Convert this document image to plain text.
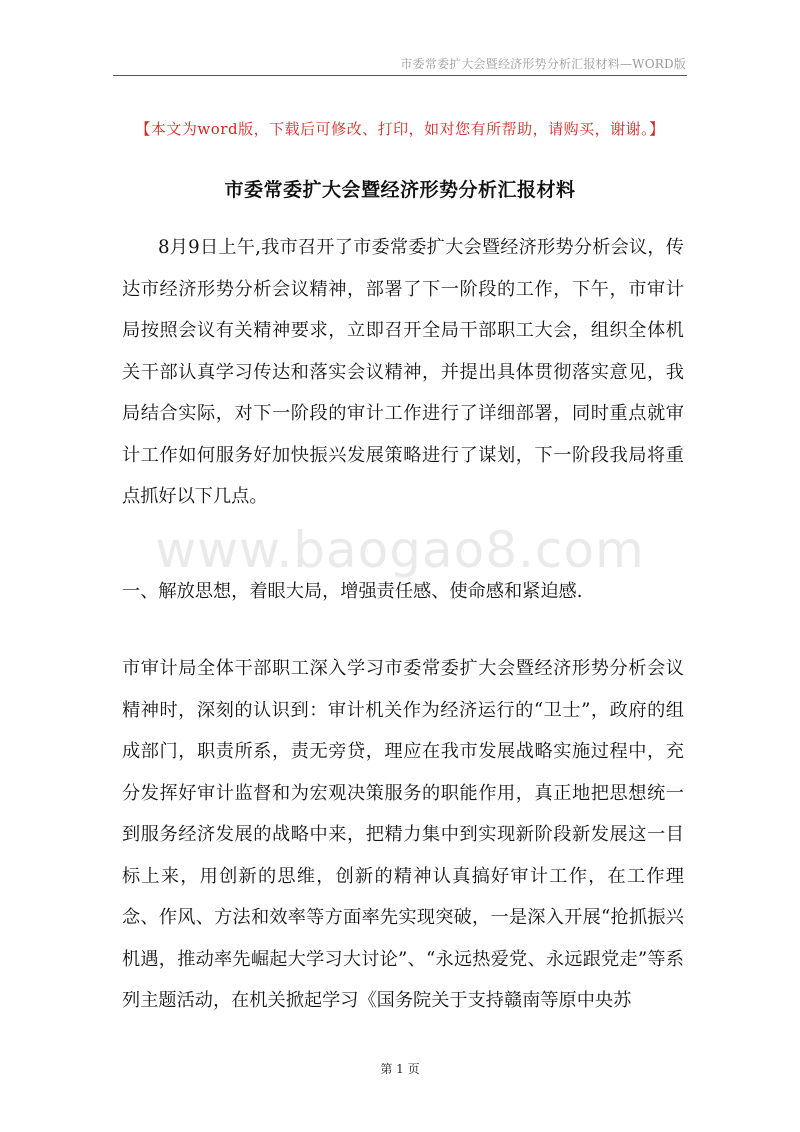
市委常委扩大会暨经济形势分析汇报材料—WORD版
【本文为word版，下载后可修改、打印，如对您有所帮助，请购买，谢谢。】
市委常委扩大会暨经济形势分析汇报材料

8月9日上午,我市召开了市委常委扩大会暨经济形势分析会议，传达市经济形势分析会议精神，部署了下一阶段的工作，下午，市审计局按照会议有关精神要求，立即召开全局干部职工大会，组织全体机关干部认真学习传达和落实会议精神，并提出具体贯彻落实意见，我局结合实际，对下一阶段的审计工作进行了详细部署，同时重点就审计工作如何服务好加快振兴发展策略进行了谋划，下一阶段我局将重点抓好以下几点。

www.baogao8.com
一、解放思想，着眼大局，增强责任感、使命感和紧迫感.

市审计局全体干部职工深入学习市委常委扩大会暨经济形势分析会议精神时，深刻的认识到：审计机关作为经济运行的“卫士”，政府的组成部门，职责所系，责无旁贷，理应在我市发展战略实施过程中，充分发挥好审计监督和为宏观决策服务的职能作用，真正地把思想统一到服务经济发展的战略中来，把精力集中到实现新阶段新发展这一目标上来，用创新的思维，创新的精神认真搞好审计工作，在工作理念、作风、方法和效率等方面率先实现突破，一是深入开展“抢抓振兴机遇，推动率先崛起大学习大讨论”、“永远热爱党、永远跟党走”等系列主题活动，在机关掀起学习《国务院关于支持赣南等原中央苏

第 1 页
